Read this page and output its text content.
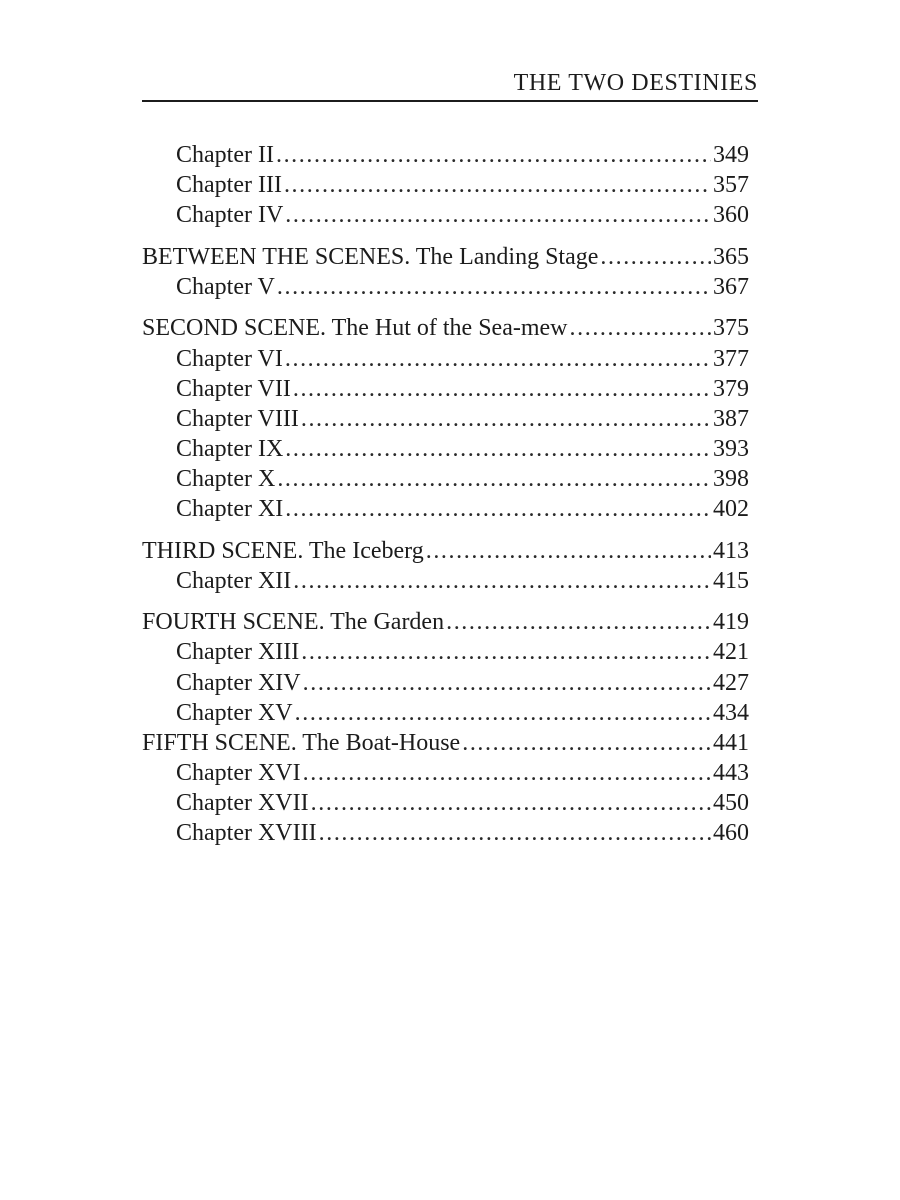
THE TWO DESTINIES
Chapter II .....	349
Chapter III .....	357
Chapter IV .....	360
BETWEEN THE SCENES. The Landing Stage .....	365
Chapter V .....	367
SECOND SCENE. The Hut of the Sea-mew .....	375
Chapter VI .....	377
Chapter VII .....	379
Chapter VIII .....	387
Chapter IX .....	393
Chapter X .....	398
Chapter XI .....	402
THIRD SCENE. The Iceberg .....	413
Chapter XII .....	415
FOURTH SCENE. The Garden .....	419
Chapter XIII .....	421
Chapter XIV .....	427
Chapter XV .....	434
FIFTH SCENE. The Boat-House .....	441
Chapter XVI .....	443
Chapter XVII .....	450
Chapter XVIII .....	460
